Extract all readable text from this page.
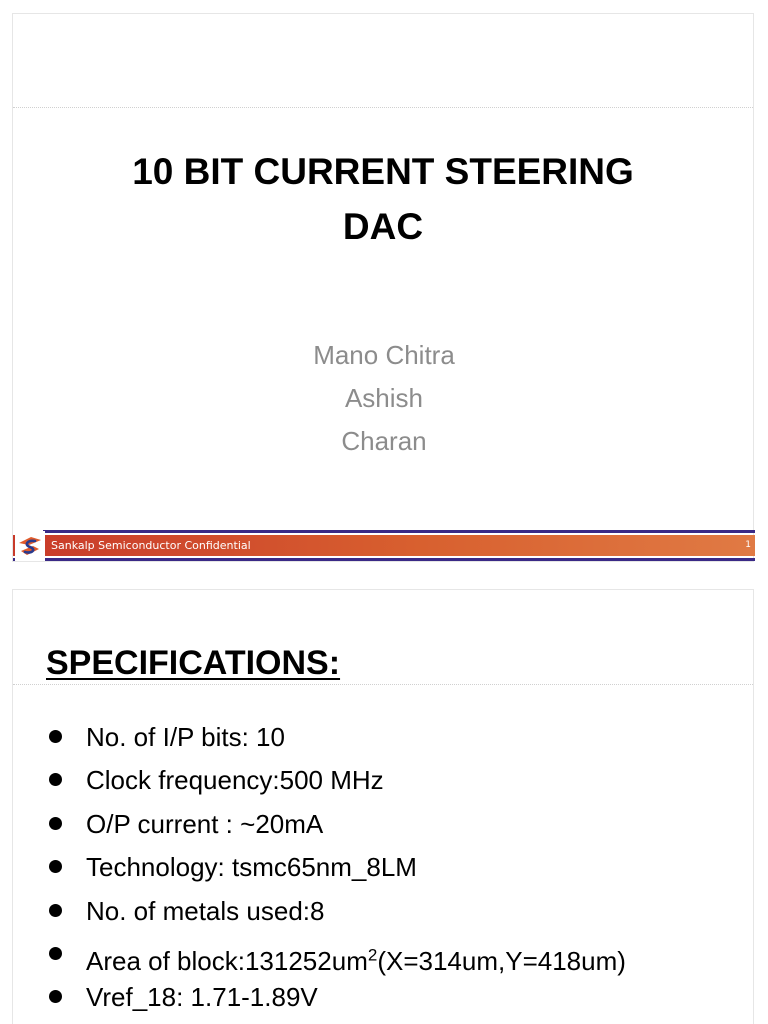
10 BIT CURRENT STEERING
DAC
Mano Chitra
Ashish
Charan
Sankalp Semiconductor Confidential	1
SPECIFICATIONS:
No. of I/P bits: 10
Clock frequency:500 MHz
O/P current : ~20mA
Technology: tsmc65nm_8LM
No. of metals used:8
Area of $block:131252um^2(X=314um,Y=418um)$
Vref_18: 1.71-1.89V
